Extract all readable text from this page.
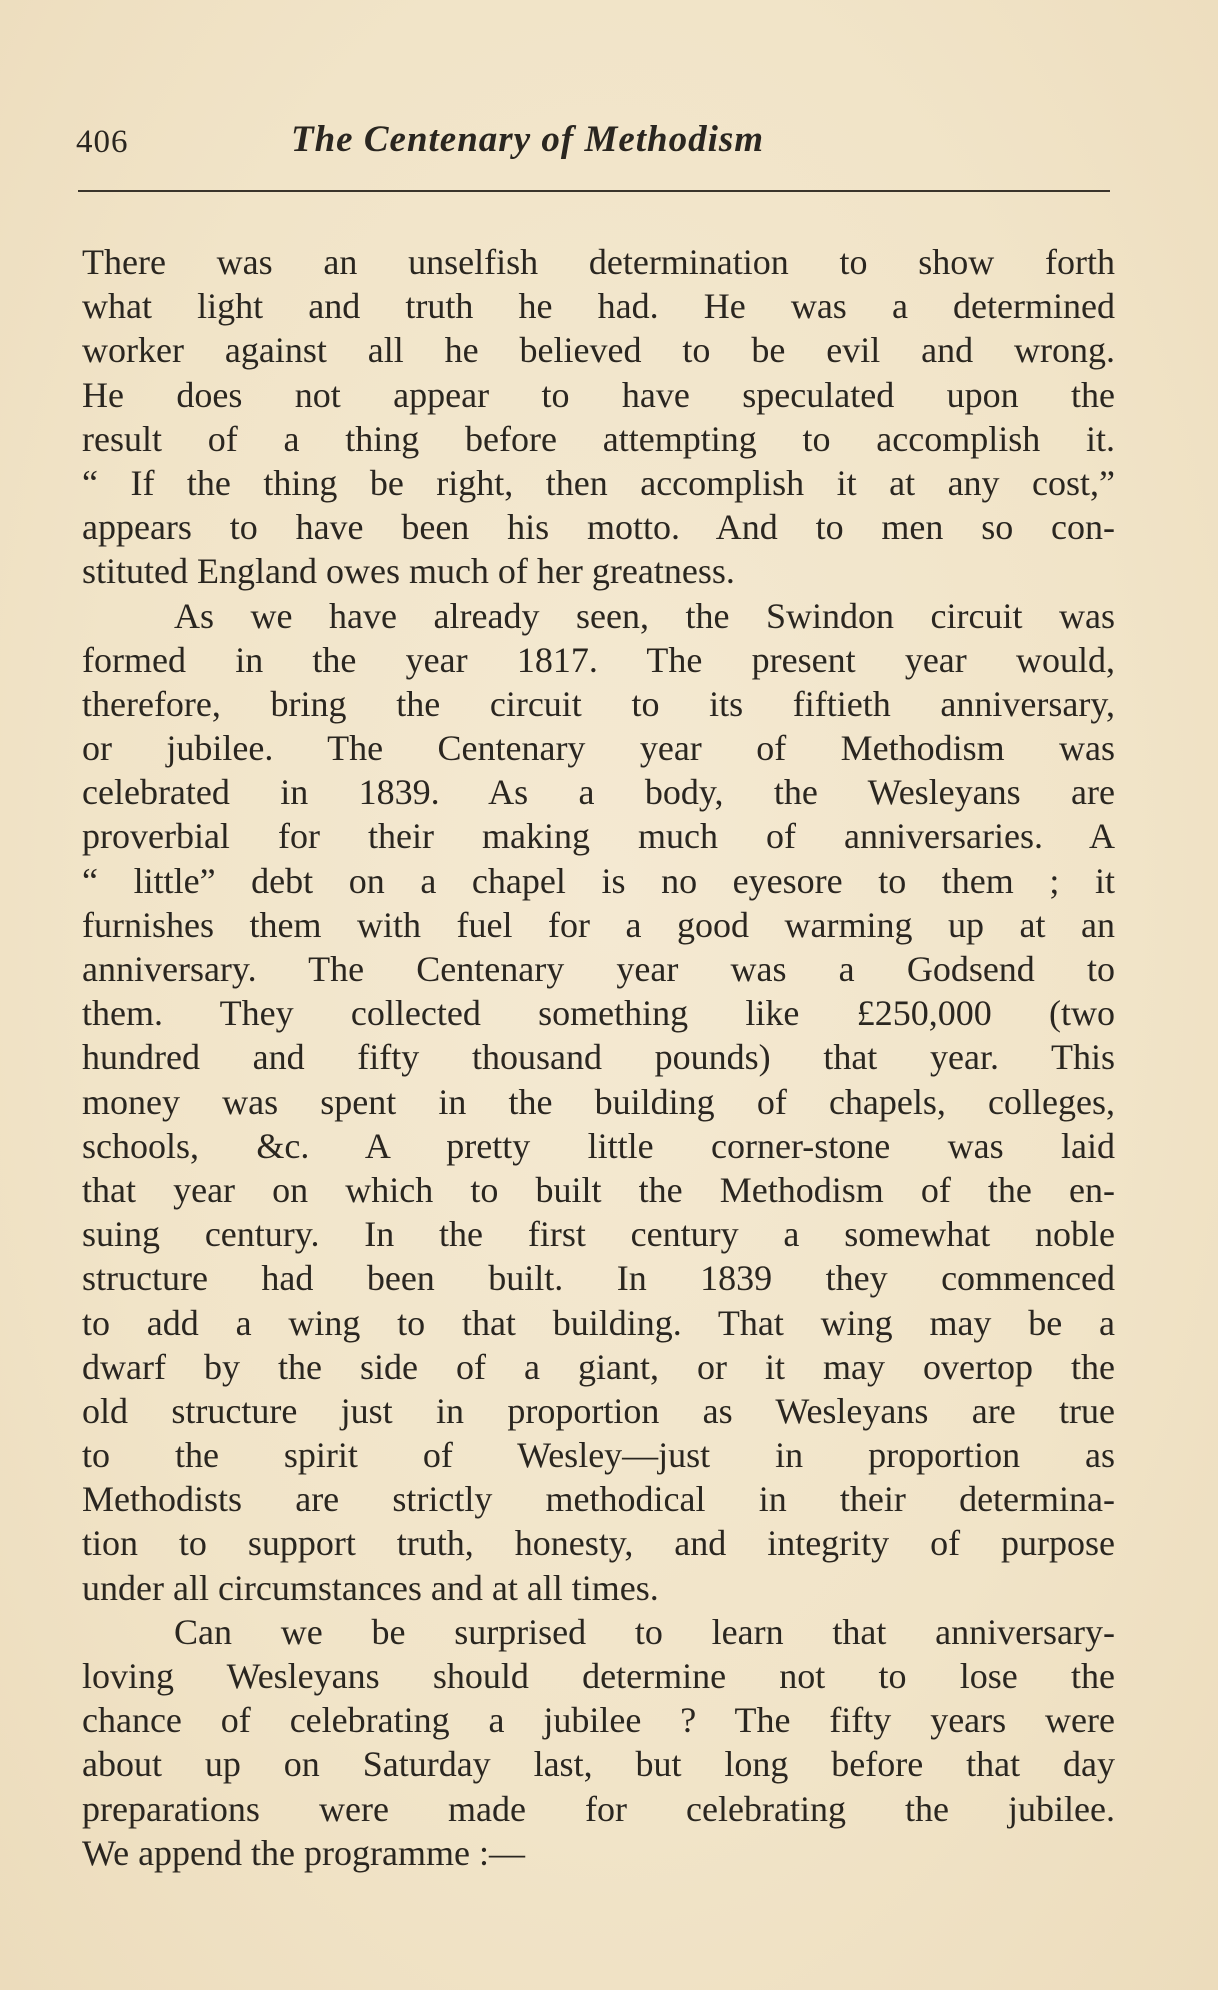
406	The Centenary of Methodism
There was an unselfish determination to show forth
what light and truth he had. He was a determined
worker against all he believed to be evil and wrong.
He does not appear to have speculated upon the
result of a thing before attempting to accomplish it.
“ If the thing be right, then accomplish it at any cost,”
appears to have been his motto. And to men so con-
stituted England owes much of her greatness.
As we have already seen, the Swindon circuit was
formed in the year 1817. The present year would,
therefore, bring the circuit to its fiftieth anniversary,
or jubilee. The Centenary year of Methodism was
celebrated in 1839. As a body, the Wesleyans are
proverbial for their making much of anniversaries. A
“ little” debt on a chapel is no eyesore to them ; it
furnishes them with fuel for a good warming up at an
anniversary. The Centenary year was a Godsend to
them. They collected something like £250,000 (two
hundred and fifty thousand pounds) that year. This
money was spent in the building of chapels, colleges,
schools, &c. A pretty little corner-stone was laid
that year on which to built the Methodism of the en-
suing century. In the first century a somewhat noble
structure had been built. In 1839 they commenced
to add a wing to that building. That wing may be a
dwarf by the side of a giant, or it may overtop the
old structure just in proportion as Wesleyans are true
to the spirit of Wesley—just in proportion as
Methodists are strictly methodical in their determina-
tion to support truth, honesty, and integrity of purpose
under all circumstances and at all times.
Can we be surprised to learn that anniversary-
loving Wesleyans should determine not to lose the
chance of celebrating a jubilee ? The fifty years were
about up on Saturday last, but long before that day
preparations were made for celebrating the jubilee.
We append the programme :—
